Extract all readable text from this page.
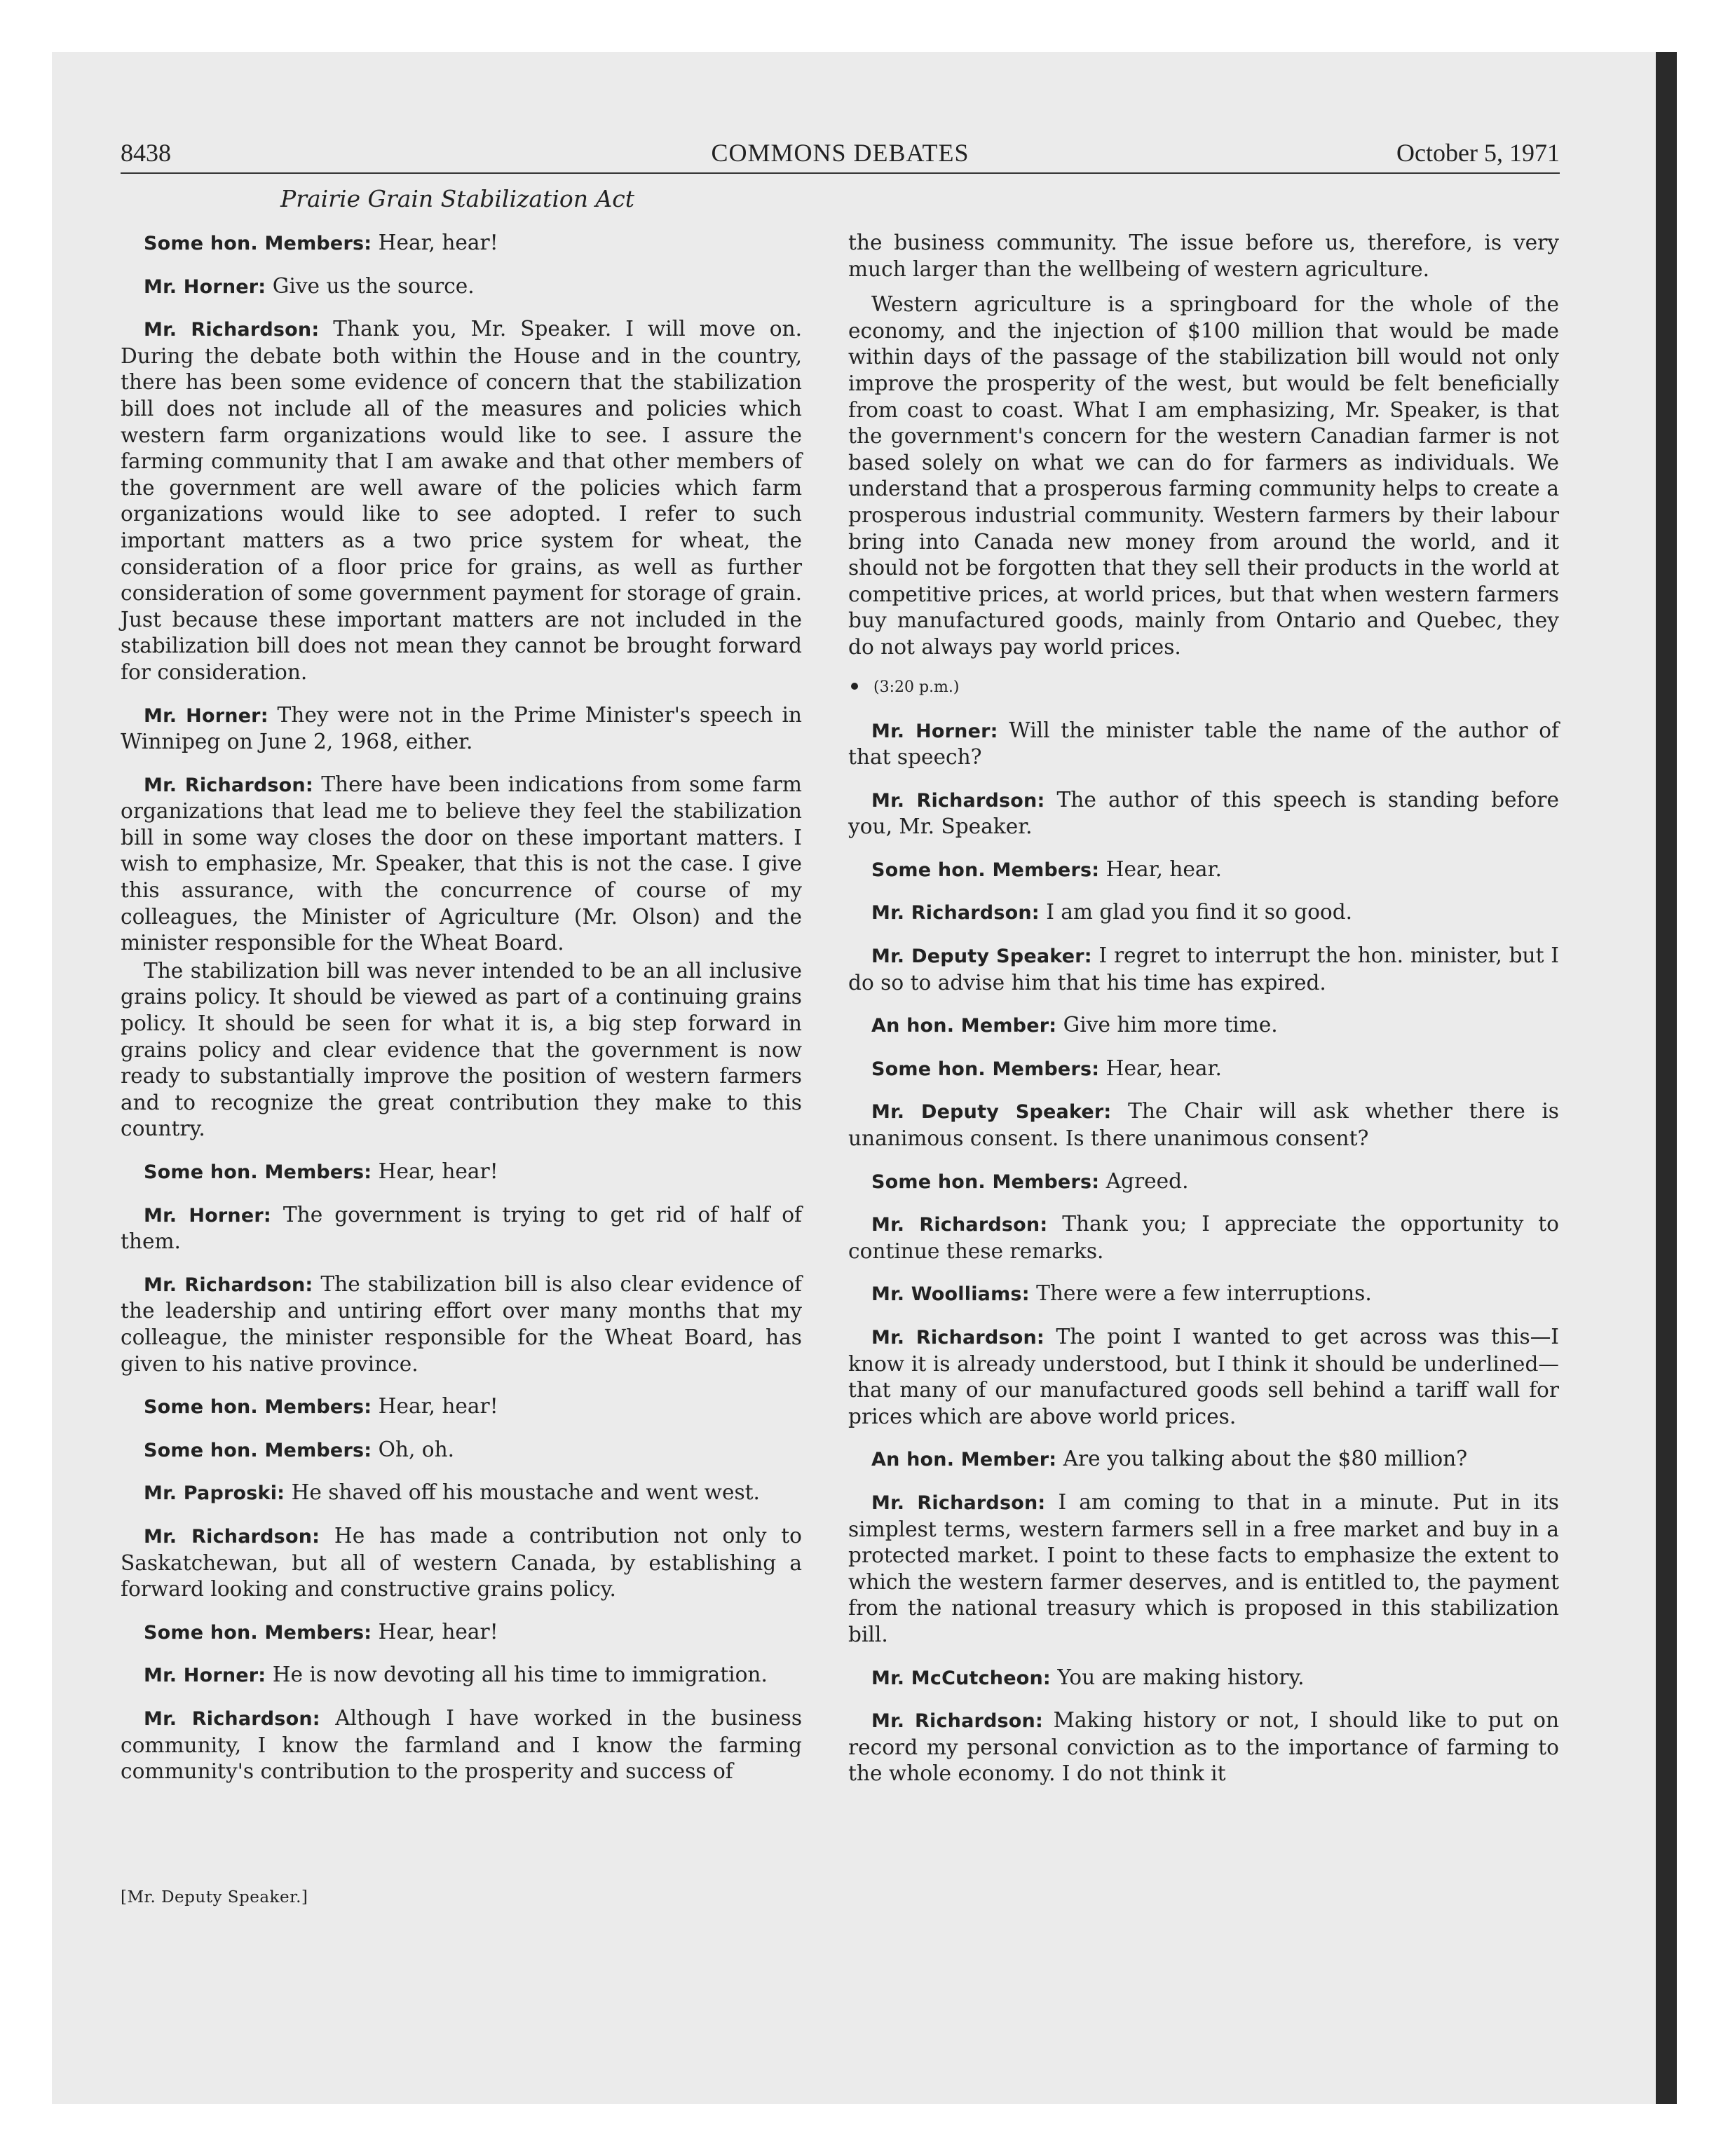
8438	COMMONS DEBATES	October 5, 1971
Prairie Grain Stabilization Act
Some hon. Members: Hear, hear!
Mr. Horner: Give us the source.
Mr. Richardson: Thank you, Mr. Speaker. I will move on. During the debate both within the House and in the country, there has been some evidence of concern that the stabilization bill does not include all of the measures and policies which western farm organizations would like to see. I assure the farming community that I am awake and that other members of the government are well aware of the policies which farm organizations would like to see adopted. I refer to such important matters as a two price system for wheat, the consideration of a floor price for grains, as well as further consideration of some government payment for storage of grain. Just because these important matters are not included in the stabilization bill does not mean they cannot be brought forward for consideration.
Mr. Horner: They were not in the Prime Minister's speech in Winnipeg on June 2, 1968, either.
Mr. Richardson: There have been indications from some farm organizations that lead me to believe they feel the stabilization bill in some way closes the door on these important matters. I wish to emphasize, Mr. Speaker, that this is not the case. I give this assurance, with the concurrence of course of my colleagues, the Minister of Agriculture (Mr. Olson) and the minister responsible for the Wheat Board.
The stabilization bill was never intended to be an all inclusive grains policy. It should be viewed as part of a continuing grains policy. It should be seen for what it is, a big step forward in grains policy and clear evidence that the government is now ready to substantially improve the position of western farmers and to recognize the great contribution they make to this country.
Some hon. Members: Hear, hear!
Mr. Horner: The government is trying to get rid of half of them.
Mr. Richardson: The stabilization bill is also clear evidence of the leadership and untiring effort over many months that my colleague, the minister responsible for the Wheat Board, has given to his native province.
Some hon. Members: Hear, hear!
Some hon. Members: Oh, oh.
Mr. Paproski: He shaved off his moustache and went west.
Mr. Richardson: He has made a contribution not only to Saskatchewan, but all of western Canada, by establishing a forward looking and constructive grains policy.
Some hon. Members: Hear, hear!
Mr. Horner: He is now devoting all his time to immigration.
Mr. Richardson: Although I have worked in the business community, I know the farmland and I know the farming community's contribution to the prosperity and success of
the business community. The issue before us, therefore, is very much larger than the wellbeing of western agriculture.
Western agriculture is a springboard for the whole of the economy, and the injection of $100 million that would be made within days of the passage of the stabilization bill would not only improve the prosperity of the west, but would be felt beneficially from coast to coast. What I am emphasizing, Mr. Speaker, is that the government's concern for the western Canadian farmer is not based solely on what we can do for farmers as individuals. We understand that a prosperous farming community helps to create a prosperous industrial community. Western farmers by their labour bring into Canada new money from around the world, and it should not be forgotten that they sell their products in the world at competitive prices, at world prices, but that when western farmers buy manufactured goods, mainly from Ontario and Quebec, they do not always pay world prices.
(3:20 p.m.)
Mr. Horner: Will the minister table the name of the author of that speech?
Mr. Richardson: The author of this speech is standing before you, Mr. Speaker.
Some hon. Members: Hear, hear.
Mr. Richardson: I am glad you find it so good.
Mr. Deputy Speaker: I regret to interrupt the hon. minister, but I do so to advise him that his time has expired.
An hon. Member: Give him more time.
Some hon. Members: Hear, hear.
Mr. Deputy Speaker: The Chair will ask whether there is unanimous consent. Is there unanimous consent?
Some hon. Members: Agreed.
Mr. Richardson: Thank you; I appreciate the opportunity to continue these remarks.
Mr. Woolliams: There were a few interruptions.
Mr. Richardson: The point I wanted to get across was this—I know it is already understood, but I think it should be underlined—that many of our manufactured goods sell behind a tariff wall for prices which are above world prices.
An hon. Member: Are you talking about the $80 million?
Mr. Richardson: I am coming to that in a minute. Put in its simplest terms, western farmers sell in a free market and buy in a protected market. I point to these facts to emphasize the extent to which the western farmer deserves, and is entitled to, the payment from the national treasury which is proposed in this stabilization bill.
Mr. McCutcheon: You are making history.
Mr. Richardson: Making history or not, I should like to put on record my personal conviction as to the importance of farming to the whole economy. I do not think it
[Mr. Deputy Speaker.]
